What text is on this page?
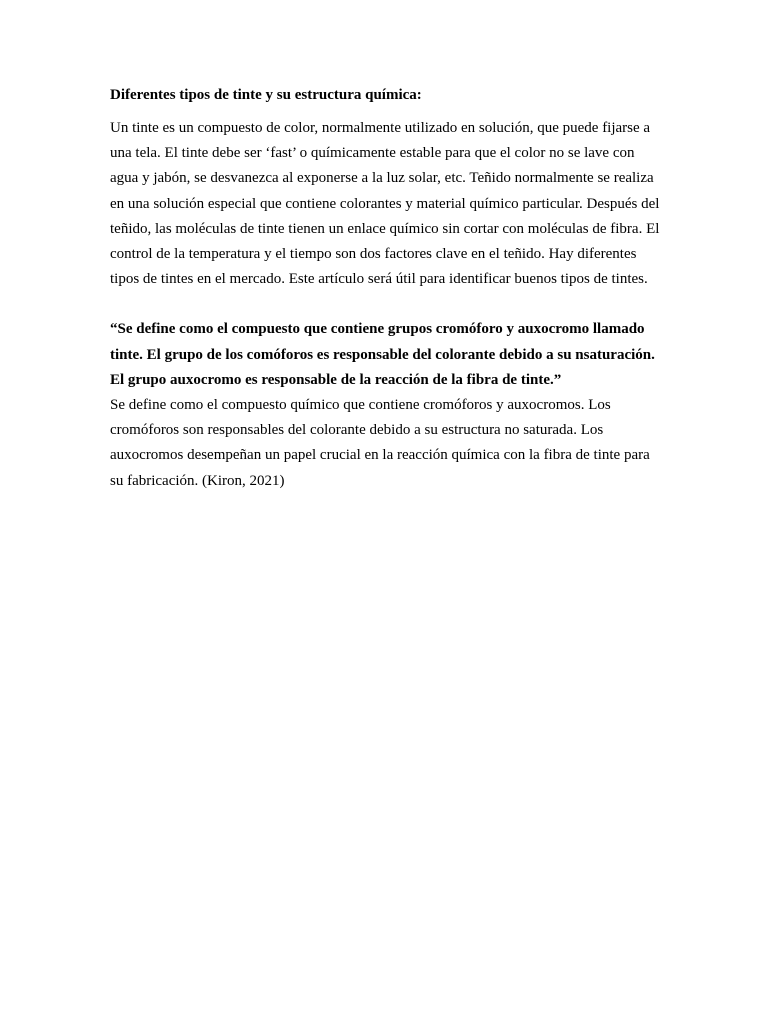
Diferentes tipos de tinte y su estructura química:

Un tinte es un compuesto de color, normalmente utilizado en solución, que puede fijarse a una tela. El tinte debe ser ‘fast’ o químicamente estable para que el color no se lave con agua y jabón, se desvanezca al exponerse a la luz solar, etc. Teñido normalmente se realiza en una solución especial que contiene colorantes y material químico particular. Después del teñido, las moléculas de tinte tienen un enlace químico sin cortar con moléculas de fibra. El control de la temperatura y el tiempo son dos factores clave en el teñido. Hay diferentes tipos de tintes en el mercado. Este artículo será útil para identificar buenos tipos de tintes.

“Se define como el compuesto que contiene grupos cromóforo y auxocromo llamado tinte. El grupo de los comóforos es responsable del colorante debido a su nsaturación. El grupo auxocromo es responsable de la reacción de la fibra de tinte.”

Se define como el compuesto químico que contiene cromóforos y auxocromos. Los cromóforos son responsables del colorante debido a su estructura no saturada. Los auxocromos desempeñan un papel crucial en la reacción química con la fibra de tinte para su fabricación. (Kiron, 2021)
